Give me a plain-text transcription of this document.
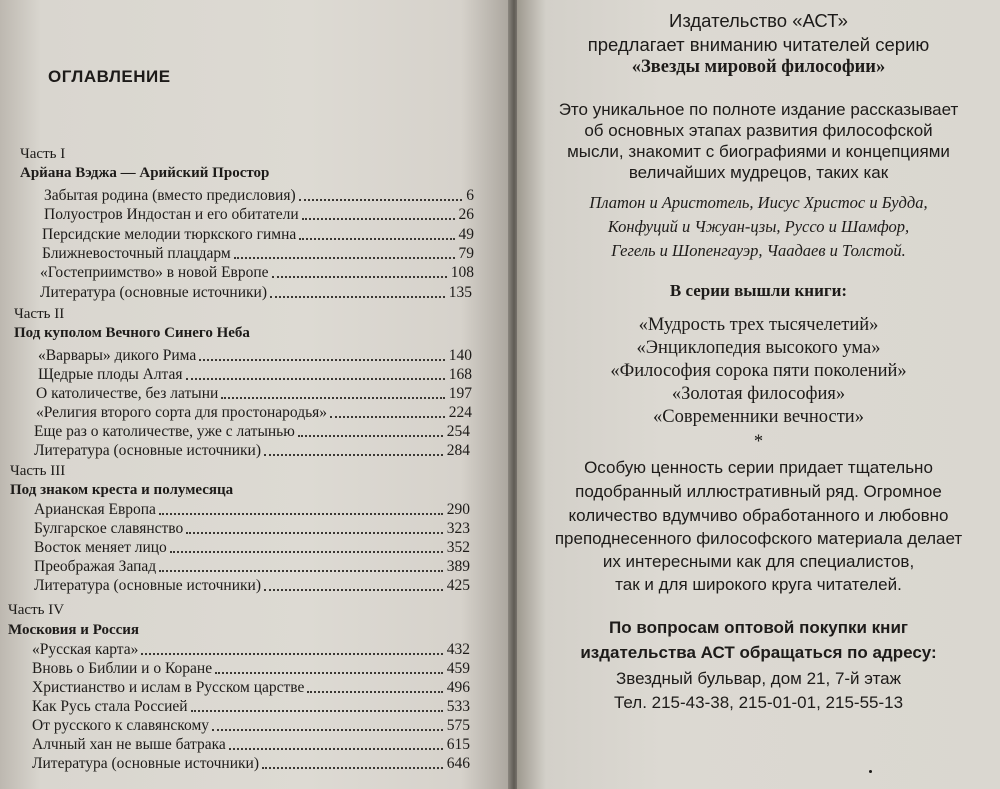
ОГЛАВЛЕНИЕ
Часть I
Арйана Вэджа — Арийский Простор
Забытая родина (вместо предисловия)	6
Полуостров Индостан и его обитатели	26
Персидские мелодии тюркского гимна	49
Ближневосточный плацдарм	79
«Гостеприимство» в новой Европе	108
Литература (основные источники)	135
Часть II
Под куполом Вечного Синего Неба
«Варвары» дикого Рима	140
Щедрые плоды Алтая	168
О католичестве, без латыни	197
«Религия второго сорта для простонародья»	224
Еще раз о католичестве, уже с латынью	254
Литература (основные источники)	284
Часть III
Под знаком креста и полумесяца
Арианская Европа	290
Булгарское славянство	323
Восток меняет лицо	352
Преображая Запад	389
Литература (основные источники)	425
Часть IV
Московия и Россия
«Русская карта»	432
Вновь о Библии и о Коране	459
Христианство и ислам в Русском царстве	496
Как Русь стала Россией	533
От русского к славянскому	575
Алчный хан не выше батрака	615
Литература (основные источники)	646
Издательство «АСТ»
предлагает вниманию читателей серию
«Звезды мировой философии»
Это уникальное по полноте издание рассказывает
об основных этапах развития философской
мысли, знакомит с биографиями и концепциями
величайших мудрецов, таких как
Платон и Аристотель, Иисус Христос и Будда,
Конфуций и Чжуан-цзы, Руссо и Шамфор,
Гегель и Шопенгауэр, Чаадаев и Толстой.
В серии вышли книги:
«Мудрость трех тысячелетий»
«Энциклопедия высокого ума»
«Философия сорока пяти поколений»
«Золотая философия»
«Современники вечности»
*
Особую ценность серии придает тщательно
подобранный иллюстративный ряд. Огромное
количество вдумчиво обработанного и любовно
преподнесенного философского материала делает
их интересными как для специалистов,
так и для широкого круга читателей.
По вопросам оптовой покупки книг
издательства АСТ обращаться по адресу:
Звездный бульвар, дом 21, 7-й этаж
Тел. 215-43-38, 215-01-01, 215-55-13
